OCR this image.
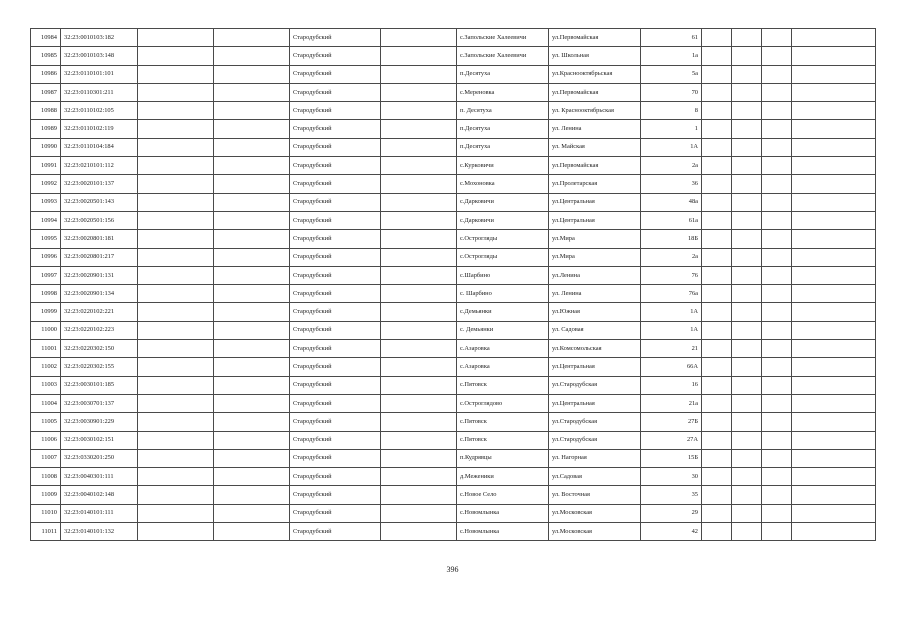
10984	32:23:0010103:182			Стародубский		с.Запольские Халеевичи	ул.Первомайская	61				
10985	32:23:0010103:148			Стародубский		с.Запольские Халеевичи	ул. Школьная	1а				
10986	32:23:0110101:101			Стародубский		п.Десятуха	ул.Краснооктябрьская	5а				
10987	32:23:0110301:211			Стародубский		с.Мереновка	ул.Первомайская	70				
10988	32:23:0110102:105			Стародубский		п. Десятуха	ул. Краснооктябрьская	8				
10989	32:23:0110102:119			Стародубский		п.Десятуха	ул. Ленина	1				
10990	32:23:0110104:184			Стародубский		п.Десятуха	ул. Майская	1А				
10991	32:23:0210101:112			Стародубский		с.Курковичи	ул.Первомайская	2а				
10992	32:23:0020101:137			Стародубский		с.Мохоновка	ул.Пролетарская	36				
10993	32:23:0020501:143			Стародубский		с.Дарковичи	ул.Центральная	48а				
10994	32:23:0020501:156			Стародубский		с.Дарковичи	ул.Центральная	61а				
10995	32:23:0020801:181			Стародубский		с.Острогляды	ул.Мира	18Б				
10996	32:23:0020801:217			Стародубский		с.Острогляды	ул.Мира	2а				
10997	32:23:0020901:131			Стародубский		с.Шарбино	ул.Ленина	76				
10998	32:23:0020901:134			Стародубский		с. Шарбино	ул. Ленина	76а				
10999	32:23:0220102:221			Стародубский		с.Демьянки	ул.Южная	1А				
11000	32:23:0220102:223			Стародубский		с. Демьянки	ул. Садовая	1А				
11001	32:23:0220302:150			Стародубский		с.Азаровка	ул.Комсомольская	21				
11002	32:23:0220302:155			Стародубский		с.Азаровка	ул.Центральная	66А				
11003	32:23:0030101:185			Стародубский		с.Пятовск	ул.Стародубская	16				
11004	32:23:0030701:137			Стародубский		с.Остроглядово	ул.Центральная	21а				
11005	32:23:0030901:229			Стародубский		с.Пятовск	ул.Стародубская	27Б				
11006	32:23:0030102:151			Стародубский		с.Пятовск	ул.Стародубская	27А				
11007	32:23:0330201:250			Стародубский		п.Кудрявцы	ул. Нагорная	15Б				
11008	32:23:0040301:111			Стародубский		д.Меженики	ул.Садовая	30				
11009	32:23:0040102:148			Стародубский		с.Новое Село	ул. Восточная	35				
11010	32:23:0140101:111			Стародубский		с.Новомлынка	ул.Московская	29				
11011	32:23:0140101:132			Стародубский		с.Новомлынка	ул.Московская	42				
396
